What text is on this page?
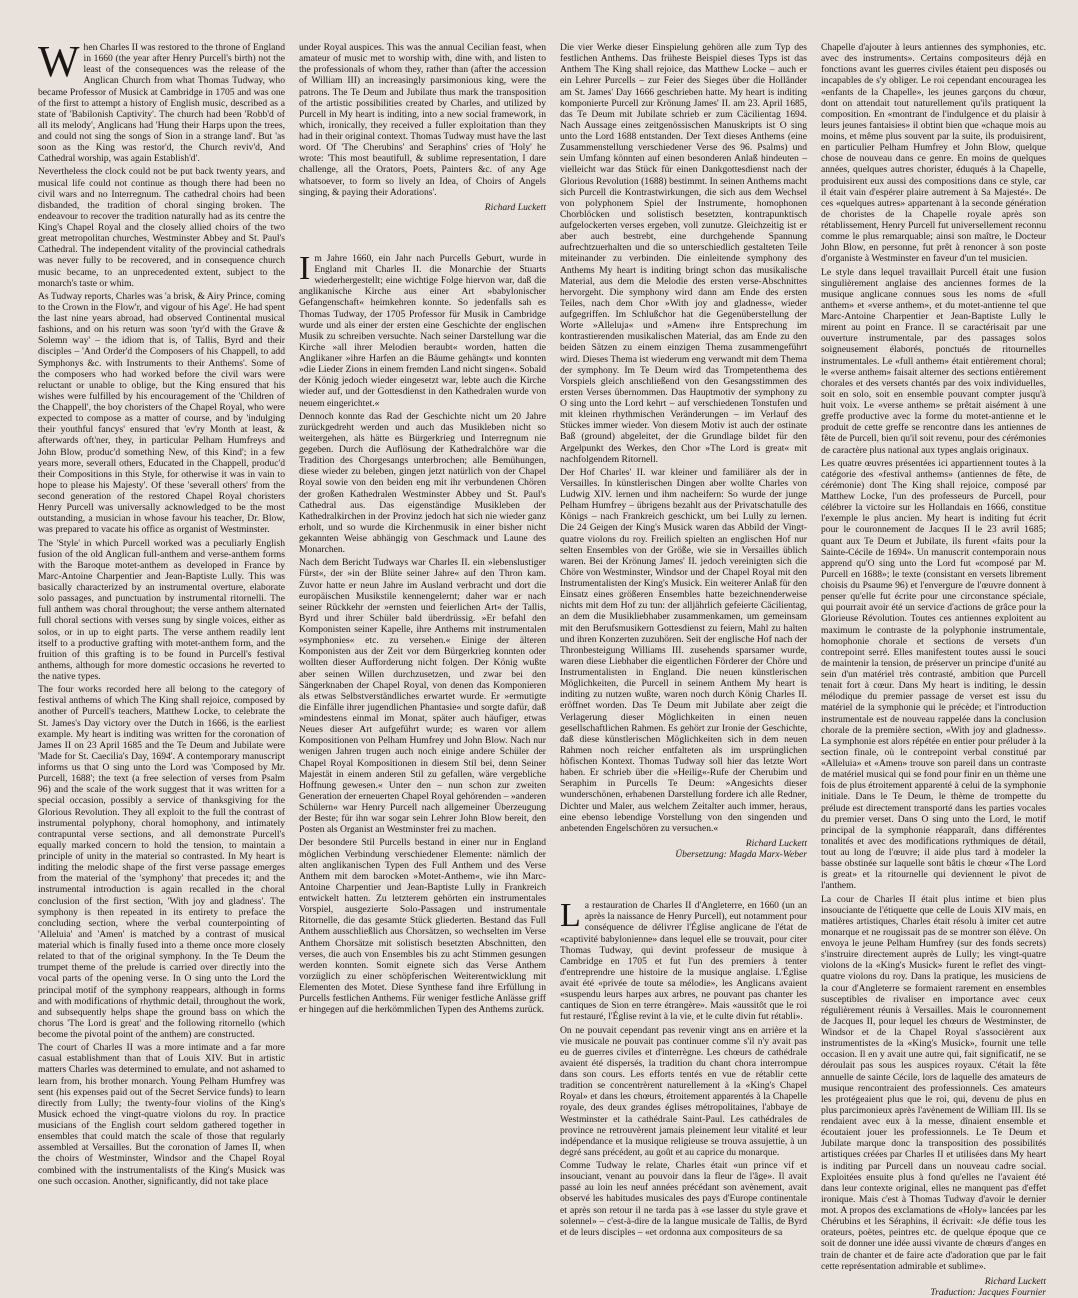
When Charles II was restored to the throne of England in 1660 (the year after Henry Purcell's birth) not the least of the consequences was the release of the Anglican Church from what Thomas Tudway, who became Professor of Musick at Cambridge in 1705 and was one of the first to attempt a history of English music, described as a state of 'Babilonish Captivity'. The church had been 'Robb'd of all its melody', Anglicans had 'Hung their Harps upon the trees, and could not sing the songs of Sion in a strange land'. But 'as soon as the King was restor'd, the Church reviv'd, And Cathedral worship, was again Establish'd'.

Nevertheless the clock could not be put back twenty years, and musical life could not continue as though there had been no civil wars and no Interregnum. The cathedral choirs had been disbanded, the tradition of choral singing broken. The endeavour to recover the tradition naturally had as its centre the King's Chapel Royal and the closely allied choirs of the two great metropolitan churches, Westminster Abbey and St. Paul's Cathedral. The independent vitality of the provincial cathedrals was never fully to be recovered, and in consequence church music became, to an unprecedented extent, subject to the monarch's taste or whim.

As Tudway reports, Charles was 'a brisk, & Airy Prince, coming to the Crown in the Flow'r, and vigour of his Age'. He had spent the last nine years abroad, had observed Continental musical fashions, and on his return was soon 'tyr'd with the Grave & Solemn way' – the idiom that is, of Tallis, Byrd and their disciples – 'And Order'd the Composers of his Chappell, to add Symphonys &c. with Instruments to their Anthems'. Some of the composers who had worked before the civil wars were reluctant or unable to oblige, but the King ensured that his wishes were fulfilled by his encouragement of the 'Children of the Chappell', the boy choristers of the Chapel Royal, who were expected to compose as a matter of course, and by 'indulging their youthful fancys' ensured that 'ev'ry Month at least, & afterwards oft'ner, they, in particular Pelham Humfreys and John Blow, produc'd something New, of this Kind'; in a few years more, severall others, Educated in the Chappell, produc'd their Compositions in this Style, for otherwise it was in vain to hope to please his Majesty'. Of these 'severall others' from the second generation of the restored Chapel Royal choristers Henry Purcell was universally acknowledged to be the most outstanding, a musician in whose favour his teacher, Dr. Blow, was prepared to vacate his office as organist of Westminster.

The 'Style' in which Purcell worked was a peculiarly English fusion of the old Anglican full-anthem and verse-anthem forms with the Baroque motet-anthem as developed in France by Marc-Antoine Charpentier and Jean-Baptiste Lully. This was basically characterized by an instrumental overture, elaborate solo passages, and punctuation by instrumental ritornelli. The full anthem was choral throughout; the verse anthem alternated full choral sections with verses sung by single voices, either as solos, or in up to eight parts. The verse anthem readily lent itself to a productive grafting with motet-anthem form, and the fruition of this grafting is to be found in Purcell's festival anthems, although for more domestic occasions he reverted to the native types.

The four works recorded here all belong to the category of festival anthems of which The King shall rejoice, composed by another of Purcell's teachers, Matthew Locke, to celebrate the St. James's Day victory over the Dutch in 1666, is the earliest example. My heart is inditing was written for the coronation of James II on 23 April 1685 and the Te Deum and Jubilate were 'Made for St. Caecilia's Day, 1694'. A contemporary manuscript informs us that O sing unto the Lord was 'Composed by Mr. Purcell, 1688'; the text (a free selection of verses from Psalm 96) and the scale of the work suggest that it was written for a special occasion, possibly a service of thanksgiving for the Glorious Revolution. They all exploit to the full the contrast of instrumental polyphony, choral homophony, and intimately contrapuntal verse sections, and all demonstrate Purcell's equally marked concern to hold the tension, to maintain a principle of unity in the material so contrasted. In My heart is inditing the melodic shape of the first verse passage emerges from the material of the 'symphony' that precedes it; and the instrumental introduction is again recalled in the choral conclusion of the first section, 'With joy and gladness'. The symphony is then repeated in its entirety to preface the concluding section, where the verbal counterpointing of 'Alleluia' and 'Amen' is matched by a contrast of musical material which is finally fused into a theme once more closely related to that of the original symphony. In the Te Deum the trumpet theme of the prelude is carried over directly into the vocal parts of the opening verse. In O sing unto the Lord the principal motif of the symphony reappears, although in forms and with modifications of rhythmic detail, throughout the work, and subsequently helps shape the ground bass on which the chorus 'The Lord is great' and the following ritornello (which become the pivotal point of the anthem) are constructed.

The court of Charles II was a more intimate and a far more casual establishment than that of Louis XIV. But in artistic matters Charles was determined to emulate, and not ashamed to learn from, his brother monarch. Young Pelham Humfrey was sent (his expenses paid out of the Secret Service funds) to learn directly from Lully; the twenty-four violins of the King's Musick echoed the vingt-quatre violons du roy. In practice musicians of the English court seldom gathered together in ensembles that could match the scale of those that regularly assembled at Versailles. But the coronation of James II, when the choirs of Westminster, Windsor and the Chapel Royal combined with the instrumentalists of the King's Musick was one such occasion. Another, significantly, did not take place

under Royal auspices. This was the annual Cecilian feast, when amateur of music met to worship with, dine with, and listen to the professionals of whom they, rather than (after the accession of William III) an increasingly parsimonious king, were the patrons. The Te Deum and Jubilate thus mark the transposition of the artistic possibilities created by Charles, and utilized by Purcell in My heart is inditing, into a new social framework, in which, ironically, they received a fuller exploitation than they had in their original context. Thomas Tudway must have the last word. Of 'The Cherubins' and Seraphins' cries of 'Holy' he wrote: 'This most beautifull, & sublime representation, I dare challenge, all the Orators, Poets, Painters &c. of any Age whatsoever, to form so lively an Idea, of Choirs of Angels singing, & paying their Adorations'.

Richard Luckett

Im Jahre 1660, ein Jahr nach Purcells Geburt, wurde in England mit Charles II. die Monarchie der Stuarts wiederhergestellt; eine wichtige Folge hiervon war, daß die anglikanische Kirche aus einer Art »babylonischer Gefangenschaft« heimkehren konnte. So jedenfalls sah es Thomas Tudway, der 1705 Professor für Musik in Cambridge wurde und als einer der ersten eine Geschichte der englischen Musik zu schreiben versuchte. Nach seiner Darstellung war die Kirche »all ihrer Melodien beraubt« worden, hatten die Anglikaner »ihre Harfen an die Bäume gehängt« und konnten »die Lieder Zions in einem fremden Land nicht singen«. Sobald der König jedoch wieder eingesetzt war, lebte auch die Kirche wieder auf, und der Gottesdienst in den Kathedralen wurde von neuem eingerichtet.«

Dennoch konnte das Rad der Geschichte nicht um 20 Jahre zurückgedreht werden und auch das Musikleben nicht so weitergehen, als hätte es Bürgerkrieg und Interregnum nie gegeben. Durch die Auflösung der Kathedralchöre war die Tradition des Chorgesangs unterbrochen; alle Bemühungen, diese wieder zu beleben, gingen jetzt natürlich von der Chapel Royal sowie von den beiden eng mit ihr verbundenen Chören der großen Kathedralen Westminster Abbey und St. Paul's Cathedral aus. Das eigenständige Musikleben der Kathedralkirchen in der Provinz jedoch hat sich nie wieder ganz erholt, und so wurde die Kirchenmusik in einer bisher nicht gekannten Weise abhängig von Geschmack und Laune des Monarchen.

Nach dem Bericht Tudways war Charles II. ein »lebenslustiger Fürst«, der »in der Blüte seiner Jahre« auf den Thron kam. Zuvor hatte er neun Jahre im Ausland verbracht und dort die europäischen Musikstile kennengelernt; daher war er nach seiner Rückkehr der »ernsten und feierlichen Art« der Tallis, Byrd und ihrer Schüler bald überdrüssig. »Er befahl den Komponisten seiner Kapelle, ihre Anthems mit instrumentalen »symphonies« etc. zu versehen.« Einige der älteren Komponisten aus der Zeit vor dem Bürgerkrieg konnten oder wollten dieser Aufforderung nicht folgen. Der König wußte aber seinen Willen durchzusetzen, und zwar bei den Sängerknaben der Chapel Royal, von denen das Komponieren als etwas Selbstverständliches erwartet wurde. Er »ermutigte die Einfälle ihrer jugendlichen Phantasie« und sorgte dafür, daß »mindestens einmal im Monat, später auch häufiger, etwas Neues dieser Art aufgeführt wurde; es waren vor allem Kompositionen von Pelham Humfrey und John Blow. Nach nur wenigen Jahren trugen auch noch einige andere Schüler der Chapel Royal Kompositionen in diesem Stil bei, denn Seiner Majestät in einem anderen Stil zu gefallen, wäre vergebliche Hoffnung gewesen.« Unter den – nun schon zur zweiten Generation der erneuerten Chapel Royal gehörenden – »anderen Schülern« war Henry Purcell nach allgemeiner Überzeugung der Beste; für ihn war sogar sein Lehrer John Blow bereit, den Posten als Organist an Westminster frei zu machen.

Der besondere Stil Purcells bestand in einer nur in England möglichen Verbindung verschiedener Elemente: nämlich der alten anglikanischen Typen des Full Anthem und des Verse Anthem mit dem barocken »Motet-Anthem«, wie ihn Marc-Antoine Charpentier und Jean-Baptiste Lully in Frankreich entwickelt hatten. Zu letzterem gehörten ein instrumentales Vorspiel, ausgezierte Solo-Passagen und instrumentale Ritornelle, die das gesamte Stück gliederten. Bestand das Full Anthem ausschließlich aus Chorsätzen, so wechselten im Verse Anthem Chorsätze mit solistisch besetzten Abschnitten, den verses, die auch von Ensembles bis zu acht Stimmen gesungen werden konnten. Somit eignete sich das Verse Anthem vorzüglich zu einer schöpferischen Weiterentwicklung mit Elementen des Motet. Diese Synthese fand ihre Erfüllung in Purcells festlichen Anthems. Für weniger festliche Anlässe griff er hingegen auf die herkömmlichen Typen des Anthems zurück.

Die vier Werke dieser Einspielung gehören alle zum Typ des festlichen Anthems. Das früheste Beispiel dieses Typs ist das Anthem The King shall rejoice, das Matthew Locke – auch er ein Lehrer Purcells – zur Feier des Sieges über die Holländer am St. James' Day 1666 geschrieben hatte. My heart is inditing komponierte Purcell zur Krönung James' II. am 23. April 1685, das Te Deum mit Jubilate schrieb er zum Cäcilientag 1694. Nach Aussage eines zeitgenössischen Manuskripts ist O sing unto the Lord 1688 entstanden. Der Text dieses Anthems (eine Zusammenstellung verschiedener Verse des 96. Psalms) und sein Umfang könnten auf einen besonderen Anlaß hindeuten – vielleicht war das Stück für einen Dankgottesdienst nach der Glorious Revolution (1688) bestimmt. In seinen Anthems macht sich Purcell die Kontrastwirkungen, die sich aus dem Wechsel von polyphonem Spiel der Instrumente, homophonen Chorblöcken und solistisch besetzten, kontrapunktisch aufgelockerten verses ergeben, voll zunutze. Gleichzeitig ist er aber auch bestrebt, eine durchgehende Spannung aufrechtzuerhalten und die so unterschiedlich gestalteten Teile miteinander zu verbinden. Die einleitende symphony des Anthems My heart is inditing bringt schon das musikalische Material, aus dem die Melodie des ersten verse-Abschnittes hervorgeht. Die symphony wird dann am Ende des ersten Teiles, nach dem Chor »With joy and gladness«, wieder aufgegriffen. Im Schlußchor hat die Gegenüberstellung der Worte »Alleluja« und »Amen« ihre Entsprechung im kontrastierenden musikalischen Material, das am Ende zu den beiden Sätzen zu einem einzigen Thema zusammengeführt wird. Dieses Thema ist wiederum eng verwandt mit dem Thema der symphony. Im Te Deum wird das Trompetenthema des Vorspiels gleich anschließend von den Gesangsstimmen des ersten Verses übernommen. Das Hauptmotiv der symphony zu O sing unto the Lord kehrt – auf verschiedenen Tonstufen und mit kleinen rhythmischen Veränderungen – im Verlauf des Stückes immer wieder. Von diesem Motiv ist auch der ostinate Baß (ground) abgeleitet, der die Grundlage bildet für den Argelpunkt des Werkes, den Chor »The Lord is great« mit nachfolgendem Ritornell.

Der Hof Charles' II. war kleiner und familiärer als der in Versailles. In künstlerischen Dingen aber wollte Charles von Ludwig XIV. lernen und ihm nacheifern: So wurde der junge Pelham Humfrey – übrigens bezahlt aus der Privatschatulle des Königs – nach Frankreich geschickt, um bei Lully zu lernen. Die 24 Geigen der King's Musick waren das Abbild der Vingt-quatre violons du roy. Freilich spielten an englischen Hof nur selten Ensembles von der Größe, wie sie in Versailles üblich waren. Bei der Krönung James' II. jedoch vereinigten sich die Chöre von Westminster, Windsor und der Chapel Royal mit den Instrumentalisten der King's Musick. Ein weiterer Anlaß für den Einsatz eines größeren Ensembles hatte bezeichnenderweise nichts mit dem Hof zu tun: der alljährlich gefeierte Cäcilientag, an dem die Musikliebhaber zusammenkamen, um gemeinsam mit den Berufsmusikern Gottesdienst zu feiern, Mahl zu halten und ihren Konzerten zuzuhören. Seit der englische Hof nach der Thronbesteigung Williams III. zusehends sparsamer wurde, waren diese Liebhaber die eigentlichen Förderer der Chöre und Instrumentalisten in England. Die neuen künstlerischen Möglichkeiten, die Purcell in seinem Anthem My heart is inditing zu nutzen wußte, waren noch durch König Charles II. eröffnet worden. Das Te Deum mit Jubilate aber zeigt die Verlagerung dieser Möglichkeiten in einen neuen gesellschaftlichen Rahmen. Es gehört zur Ironie der Geschichte, daß diese künstlerischen Möglichkeiten sich in dem neuen Rahmen noch reicher entfalteten als im ursprünglichen höfischen Kontext. Thomas Tudway soll hier das letzte Wort haben. Er schrieb über die »Heilig«-Rufe der Cherubim und Seraphim in Purcells Te Deum: »Angesichts dieser wunderschönen, erhabenen Darstellung fordere ich alle Redner, Dichter und Maler, aus welchem Zeitalter auch immer, heraus, eine ebenso lebendige Vorstellung von den singenden und anbetenden Engelschören zu versuchen.«

Richard Luckett
Übersetzung: Magda Marx-Weber

La restauration de Charles II d'Angleterre, en 1660 (un an après la naissance de Henry Purcell), eut notamment pour conséquence de délivrer l'Église anglicane de l'état de «captivité babylonienne» dans lequel elle se trouvait, pour citer Thomas Tudway, qui devint professeur de musique à Cambridge en 1705 et fut l'un des premiers à tenter d'entreprendre une histoire de la musique anglaise. L'Église avait été «privée de toute sa mélodie», les Anglicans avaient «suspendu leurs harpes aux arbres, ne pouvant pas chanter les cantiques de Sion en terre étrangère». Mais «aussitôt que le roi fut restauré, l'Église revint à la vie, et le culte divin fut rétabli».

On ne pouvait cependant pas revenir vingt ans en arrière et la vie musicale ne pouvait pas continuer comme s'il n'y avait pas eu de guerres civiles et d'interrègne. Les chœurs de cathédrale avaient été dispersés, la tradition du chant chora interrompue dans son cours. Les efforts tentés en vue de rétablir cette tradition se concentrèrent naturellement à la «King's Chapel Royal» et dans les chœurs, étroitement apparentés à la Chapelle royale, des deux grandes églises métropolitaines, l'abbaye de Westminster et la cathédrale Saint-Paul. Les cathédrales de province ne retrouvèrent jamais pleinement leur vitalité et leur indépendance et la musique religieuse se trouva assujettie, à un degré sans précédent, au goût et au caprice du monarque.

Comme Tudway le relate, Charles était «un prince vif et insouciant, venant au pouvoir dans la fleur de l'âge». Il avait passé au loin les neuf années précédant son avènement, avait observé les habitudes musicales des pays d'Europe continentale et après son retour il ne tarda pas à «se lasser du style grave et solennel» – c'est-à-dire de la langue musicale de Tallis, de Byrd et de leurs disciples – «et ordonna aux compositeurs de sa

Chapelle d'ajouter à leurs antiennes des symphonies, etc. avec des instruments». Certains compositeurs déjà en fonctions avant les guerres civiles étaient peu disposés ou incapables de s'y obliger. Le roi cependant encouragea les «enfants de la Chapelle», les jeunes garçons du chœur, dont on attendait tout naturellement qu'ils pratiquent la composition. En «montrant de l'indulgence et du plaisir à leurs jeunes fantaisies» il obtint bien que «chaque mois au moins, et même plus souvent par la suite, ils produisirent, en particulier Pelham Humfrey et John Blow, quelque chose de nouveau dans ce genre. En moins de quelques années, quelques autres chorister, éduqués à la Chapelle, produisirent eux aussi des compositions dans ce style, car il était vain d'espérer plaire autrement à Sa Majesté». De ces «quelques autres» appartenant à la seconde génération de choristes de la Chapelle royale après son rétablissement, Henry Purcell fut universellement reconnu comme le plus remarquable; ainsi son maître, le Docteur John Blow, en personne, fut prêt à renoncer à son poste d'organiste à Westminster en faveur d'un tel musicien.

Le style dans lequel travaillait Purcell était une fusion singulièrement anglaise des anciennes formes de la musique anglicane connues sous les noms de «full anthem» et «verse anthem», et du motet-antienne tel que Marc-Antoine Charpentier et Jean-Baptiste Lully le mirent au point en France. Il se caractérisait par une ouverture instrumentale, par des passages solos soigneusement élaborés, ponctués de ritournelles instrumentales. Le «full anthem» était entièrement choral; le «verse anthem» faisait alterner des sections entièrement chorales et des versets chantés par des voix individuelles, soit en solo, soit en ensemble pouvant compter jusqu'à huit voix. Le «verse anthem» se prêtait aisément à une greffe productive avec la forme du motet-antienne et le produit de cette greffe se rencontre dans les antiennes de fête de Purcell, bien qu'il soit revenu, pour des cérémonies de caractère plus national aux types anglais originaux.

Les quatre œuvres présentées ici appartiennent toutes à la catégorie des «festival anthems» (antiennes de fête, de cérémonie) dont The King shall rejoice, composé par Matthew Locke, l'un des professeurs de Purcell, pour célébrer la victoire sur les Hollandais en 1666, constitue l'exemple le plus ancien. My heart is inditing fut écrit pour le couronnement de Jacques II le 23 avril 1685; quant aux Te Deum et Jubilate, ils furent «faits pour la Sainte-Cécile de 1694». Un manuscrit contemporain nous apprend qu'O sing unto the Lord fut «composé par M. Purcell en 1688»; le texte (consistant en versets librement choisis du Psaume 96) et l'envergure de l'œuvre donnent à penser qu'elle fut écrite pour une circonstance spéciale, qui pourrait avoir été un service d'actions de grâce pour la Glorieuse Révolution. Toutes ces antiennes exploitent au maximum le contraste de la polyphonie instrumentale, homophonie chorale et sections de versets d'un contrepoint serré. Elles manifestent toutes aussi le souci de maintenir la tension, de préserver un principe d'unité au sein d'un matériel très contrasté, ambition que Purcell tenait fort à cœur. Dans My heart is inditing, le dessin mélodique du premier passage de verset est issu du matériel de la symphonie qui le précède; et l'introduction instrumentale est de nouveau rappelée dans la conclusion chorale de la première section, «With joy and gladness». La symphonie est alors répétée en entier pour préluder à la section finale, où le contrepoint verbal constitué par «Alleluia» et «Amen» trouve son pareil dans un contraste de matériel musical qui se fond pour finir en un thème une fois de plus étroitement apparenté à celui de la symphonie initiale. Dans le Te Deum, le thème de trompette du prélude est directement transporté dans les parties vocales du premier verset. Dans O sing unto the Lord, le motif principal de la symphonie réapparaît, dans différentes tonalités et avec des modifications rythmiques de détail, tout au long de l'œuvre; il aide plus tard à modeler la basse obstinée sur laquelle sont bâtis le chœur «The Lord is great» et la ritournelle qui deviennent le pivot de l'anthem.

La cour de Charles II était plus intime et bien plus insouciante de l'étiquette que celle de Louis XIV mais, en matières artistiques, Charles était résolu à imiter cet autre monarque et ne rougissait pas de se montrer son élève. On envoya le jeune Pelham Humfrey (sur des fonds secrets) s'instruire directement auprès de Lully; les vingt-quatre violons de la «King's Musick» furent le reflet des vingt-quatre violons du roy. Dans la pratique, les musiciens de la cour d'Angleterre se formaient rarement en ensembles susceptibles de rivaliser en importance avec ceux régulièrement réunis à Versailles. Mais le couronnement de Jacques II, pour lequel les chœurs de Westminster, de Windsor et de la Chapel Royal s'associèrent aux instrumentistes de la «King's Musick», fournit une telle occasion. Il en y avait une autre qui, fait significatif, ne se déroulait pas sous les auspices royaux. C'était la fête annuelle de sainte Cécile, lors de laquelle des amateurs de musique rencontraient des professionnels. Ces amateurs les protégeaient plus que le roi, qui, devenu de plus en plus parcimonieux après l'avènement de William III. Ils se rendaient avec eux à la messe, dînaient ensemble et écoutaient jouer les professionnels. Le Te Deum et Jubilate marque donc la transposition des possibilités artistiques créées par Charles II et utilisées dans My heart is inditing par Purcell dans un nouveau cadre social. Exploitées ensuite plus à fond qu'elles ne l'avaient été dans leur contexte original, elles ne manquent pas d'effet ironique. Mais c'est à Thomas Tudway d'avoir le dernier mot. A propos des exclamations de «Holy» lancées par les Chérubins et les Séraphins, il écrivait: «Je défie tous les orateurs, poètes, peintres etc. de quelque époque que ce soit de donner une idée aussi vivante de chœurs d'anges en train de chanter et de faire acte d'adoration que par le fait cette représentation admirable et sublime».

Richard Luckett
Traduction: Jacques Fournier
